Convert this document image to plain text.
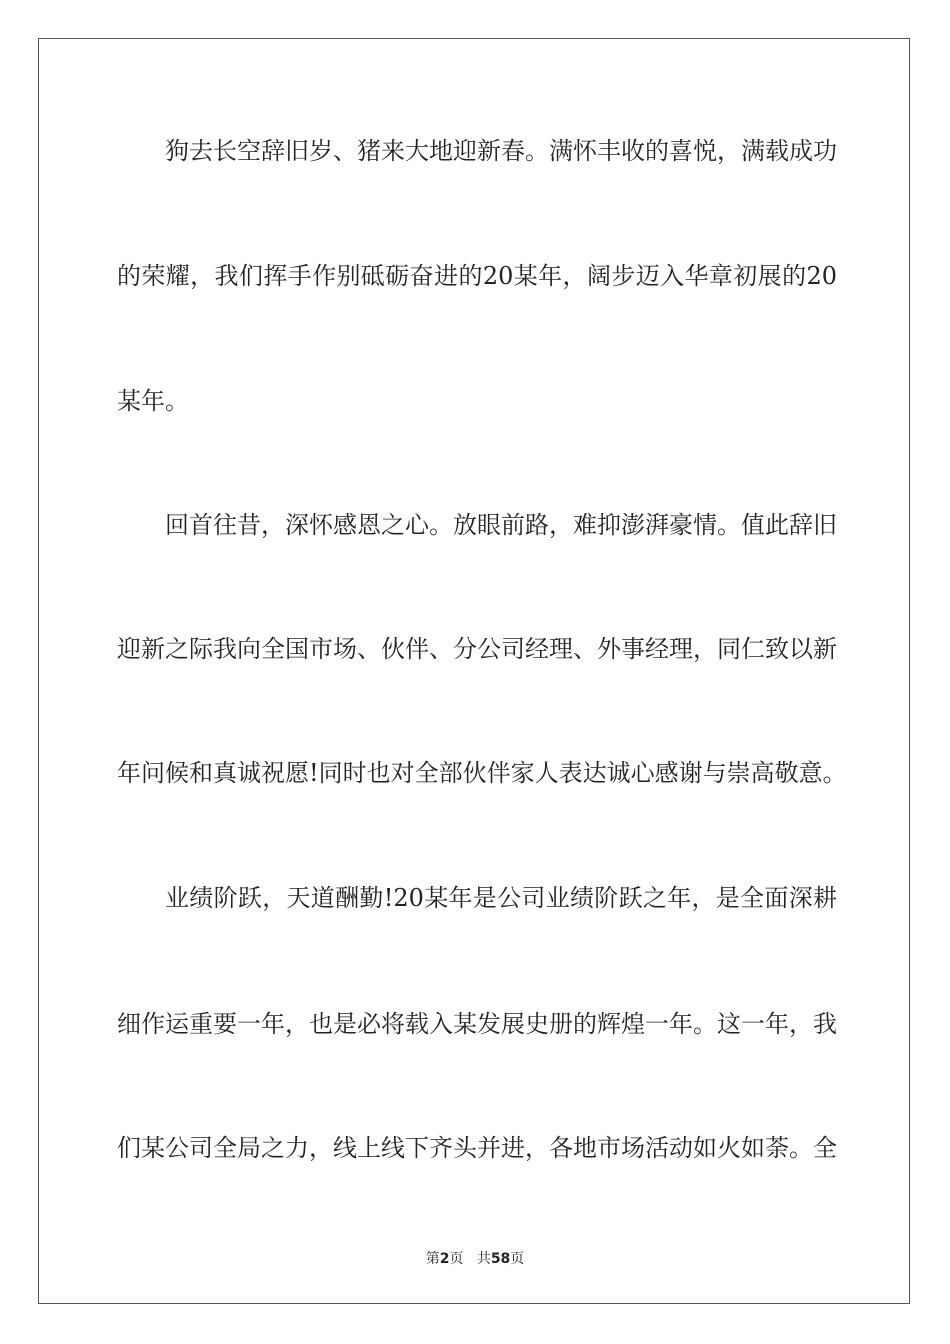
狗去长空辞旧岁、猪来大地迎新春。满怀丰收的喜悦，满载成功
的荣耀，我们挥手作别砥砺奋进的20某年，阔步迈入华章初展的20
某年。
回首往昔，深怀感恩之心。放眼前路，难抑澎湃豪情。值此辞旧
迎新之际我向全国市场、伙伴、分公司经理、外事经理，同仁致以新
年问候和真诚祝愿!同时也对全部伙伴家人表达诚心感谢与崇高敬意。
业绩阶跃，天道酬勤!20某年是公司业绩阶跃之年，是全面深耕
细作运重要一年，也是必将载入某发展史册的辉煌一年。这一年，我
们某公司全局之力，线上线下齐头并进，各地市场活动如火如荼。全
第2页 共58页
